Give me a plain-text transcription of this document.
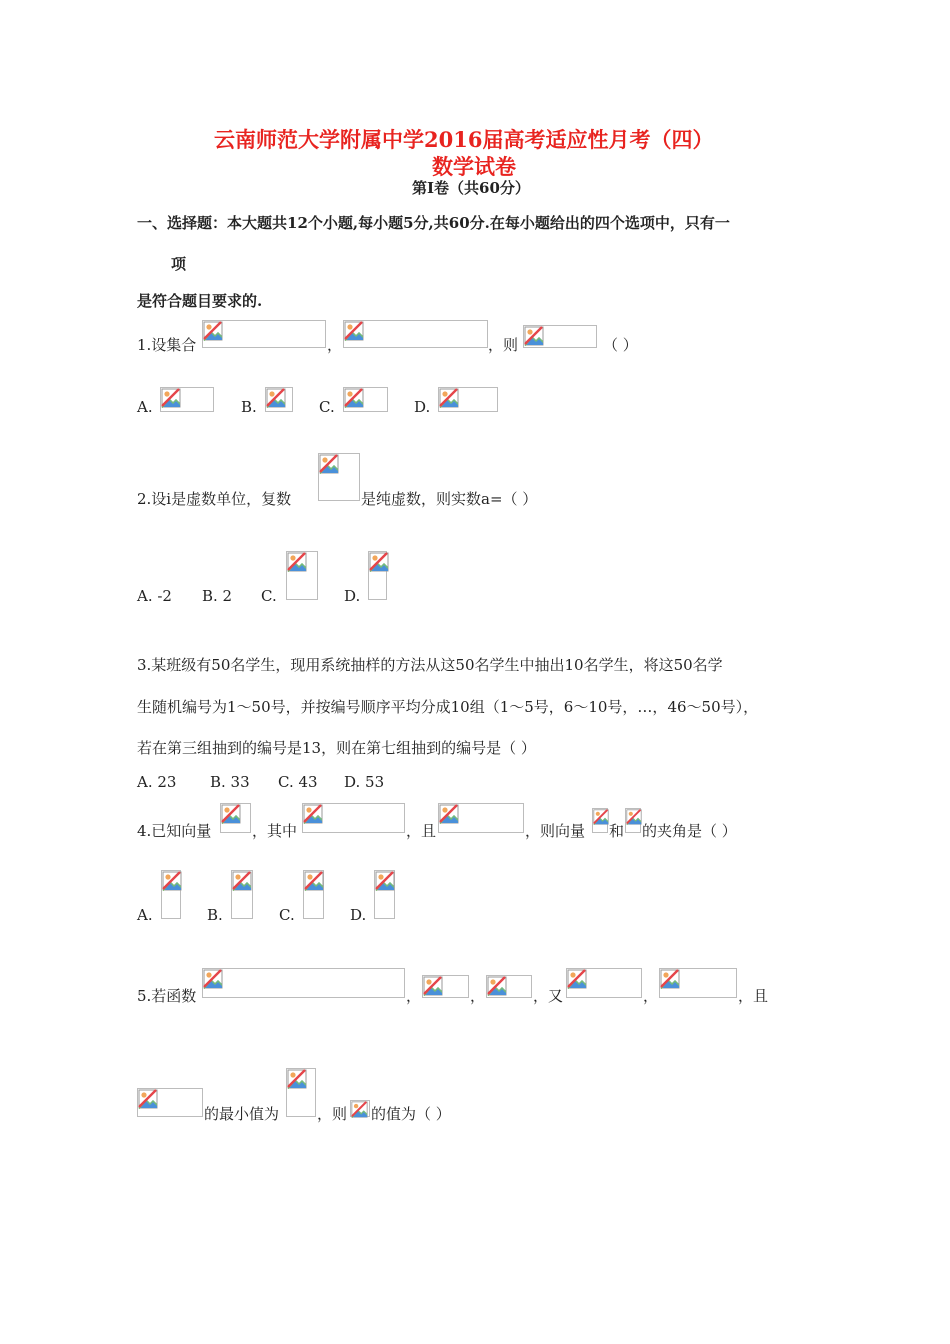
云南师范大学附属中学2016届高考适应性月考（四）
数学试卷
第Ⅰ卷（共60分）
一、选择题：本大题共12个小题,每小题5分,共60分.在每小题给出的四个选项中，只有一
项
是符合题目要求的.
1.设集合	，	，则	（ ）
A.	B.	C.	D.
2.设i是虚数单位，复数	是纯虚数，则实数a=（ ）
A. -2 B. 2 C.	D.
3.某班级有50名学生，现用系统抽样的方法从这50名学生中抽出10名学生，将这50名学
生随机编号为1～50号，并按编号顺序平均分成10组（1～5号，6～10号，…，46～50号），
若在第三组抽到的编号是13，则在第七组抽到的编号是（ ）
A. 23 B. 33 C. 43 D. 53
4.已知向量	，其中	，且	，则向量 和 的夹角是（ ）
A.	B.	C.	D.
5.若函数	，	，	，又	，	，且
的最小值为	，则 的值为（ ）
